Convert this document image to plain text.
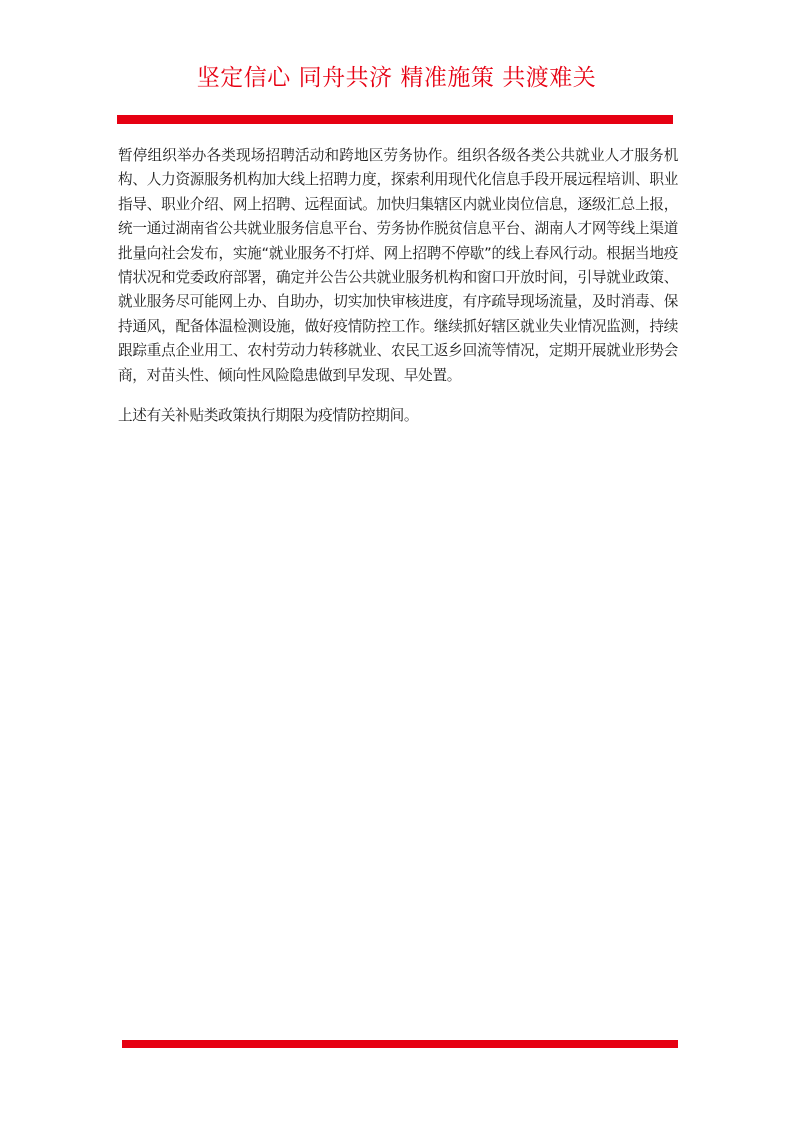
坚定信心 同舟共济 精准施策 共渡难关

暂停组织举办各类现场招聘活动和跨地区劳务协作。组织各级各类公共就业人才服务机构、人力资源服务机构加大线上招聘力度，探索利用现代化信息手段开展远程培训、职业指导、职业介绍、网上招聘、远程面试。加快归集辖区内就业岗位信息，逐级汇总上报，统一通过湖南省公共就业服务信息平台、劳务协作脱贫信息平台、湖南人才网等线上渠道批量向社会发布，实施“就业服务不打烊、网上招聘不停歇”的线上春风行动。根据当地疫情状况和党委政府部署，确定并公告公共就业服务机构和窗口开放时间，引导就业政策、就业服务尽可能网上办、自助办，切实加快审核进度，有序疏导现场流量，及时消毒、保持通风，配备体温检测设施，做好疫情防控工作。继续抓好辖区就业失业情况监测，持续跟踪重点企业用工、农村劳动力转移就业、农民工返乡回流等情况，定期开展就业形势会商，对苗头性、倾向性风险隐患做到早发现、早处置。

上述有关补贴类政策执行期限为疫情防控期间。
